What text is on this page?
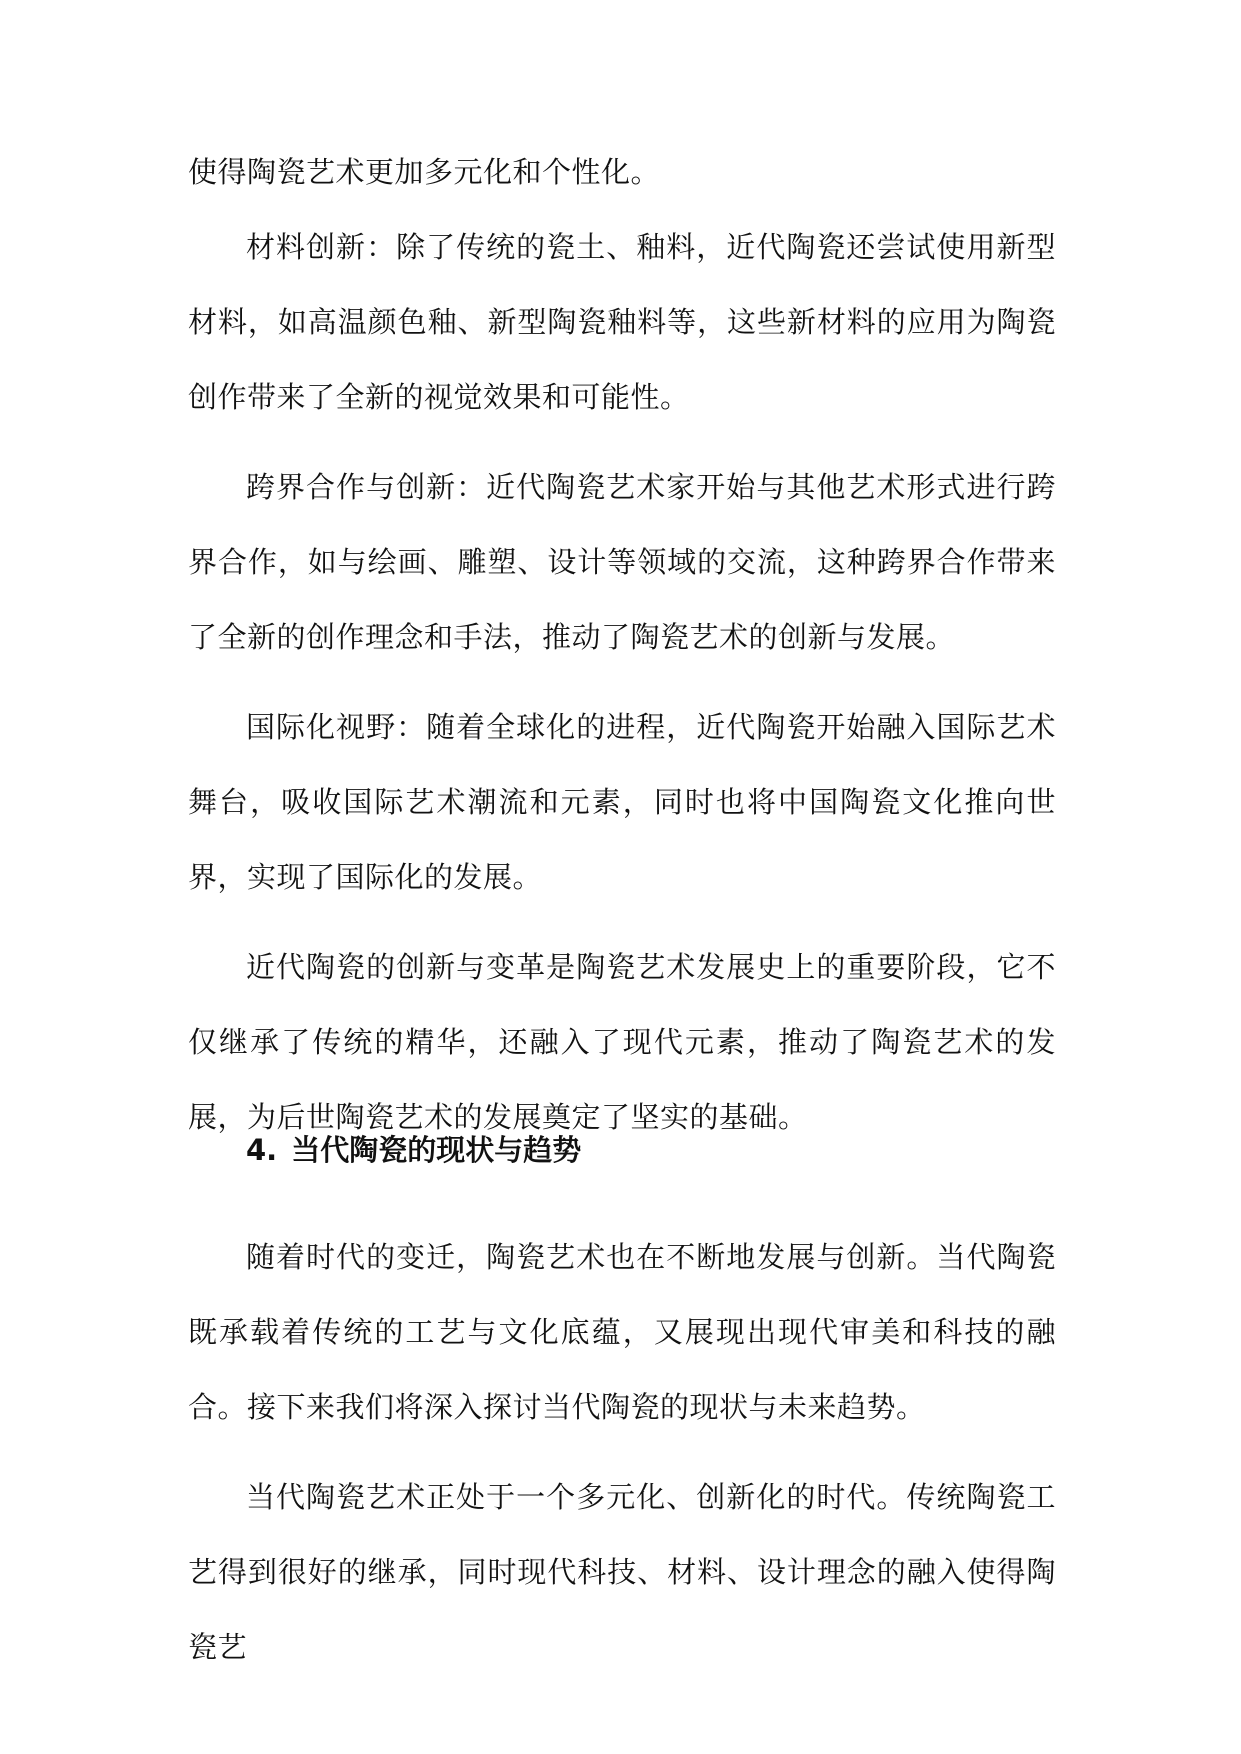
使得陶瓷艺术更加多元化和个性化。

材料创新：除了传统的瓷土、釉料，近代陶瓷还尝试使用新型材料，如高温颜色釉、新型陶瓷釉料等，这些新材料的应用为陶瓷创作带来了全新的视觉效果和可能性。

跨界合作与创新：近代陶瓷艺术家开始与其他艺术形式进行跨界合作，如与绘画、雕塑、设计等领域的交流，这种跨界合作带来了全新的创作理念和手法，推动了陶瓷艺术的创新与发展。

国际化视野：随着全球化的进程，近代陶瓷开始融入国际艺术舞台，吸收国际艺术潮流和元素，同时也将中国陶瓷文化推向世界，实现了国际化的发展。

近代陶瓷的创新与变革是陶瓷艺术发展史上的重要阶段，它不仅继承了传统的精华，还融入了现代元素，推动了陶瓷艺术的发展，为后世陶瓷艺术的发展奠定了坚实的基础。

4. 当代陶瓷的现状与趋势

随着时代的变迁，陶瓷艺术也在不断地发展与创新。当代陶瓷既承载着传统的工艺与文化底蕴，又展现出现代审美和科技的融合。接下来我们将深入探讨当代陶瓷的现状与未来趋势。

当代陶瓷艺术正处于一个多元化、创新化的时代。传统陶瓷工艺得到很好的继承，同时现代科技、材料、设计理念的融入使得陶瓷艺
